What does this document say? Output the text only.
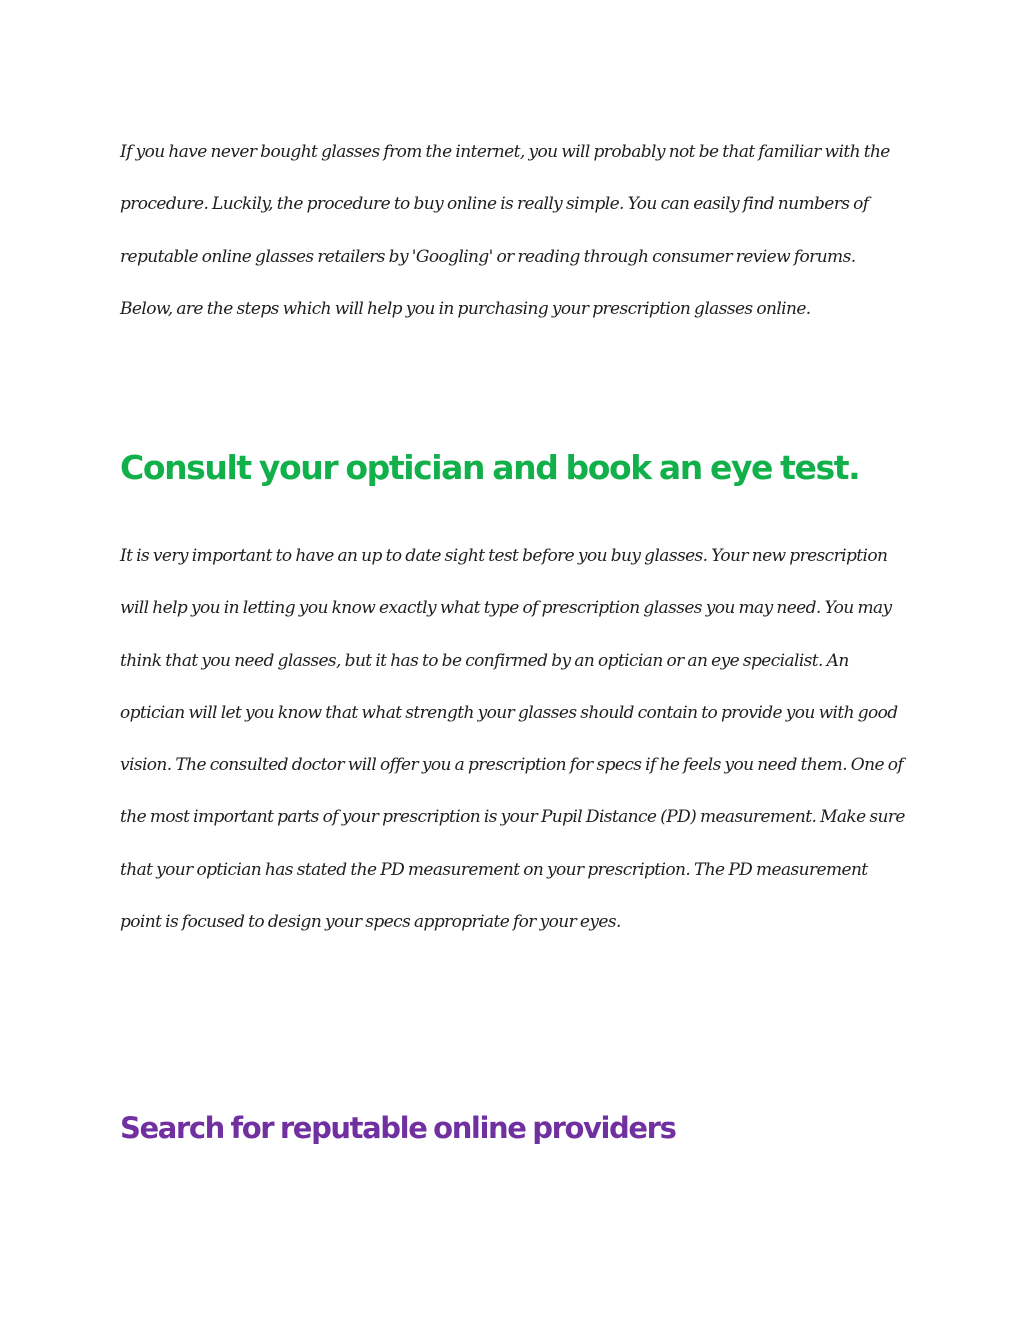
If you have never bought glasses from the internet, you will probably not be that familiar with the procedure. Luckily, the procedure to buy online is really simple. You can easily find numbers of reputable online glasses retailers by 'Googling' or reading through consumer review forums. Below, are the steps which will help you in purchasing your prescription glasses online.

Consult your optician and book an eye test.

It is very important to have an up to date sight test before you buy glasses. Your new prescription will help you in letting you know exactly what type of prescription glasses you may need. You may think that you need glasses, but it has to be confirmed by an optician or an eye specialist. An optician will let you know that what strength your glasses should contain to provide you with good vision. The consulted doctor will offer you a prescription for specs if he feels you need them. One of the most important parts of your prescription is your Pupil Distance (PD) measurement. Make sure that your optician has stated the PD measurement on your prescription. The PD measurement point is focused to design your specs appropriate for your eyes.

Search for reputable online providers
